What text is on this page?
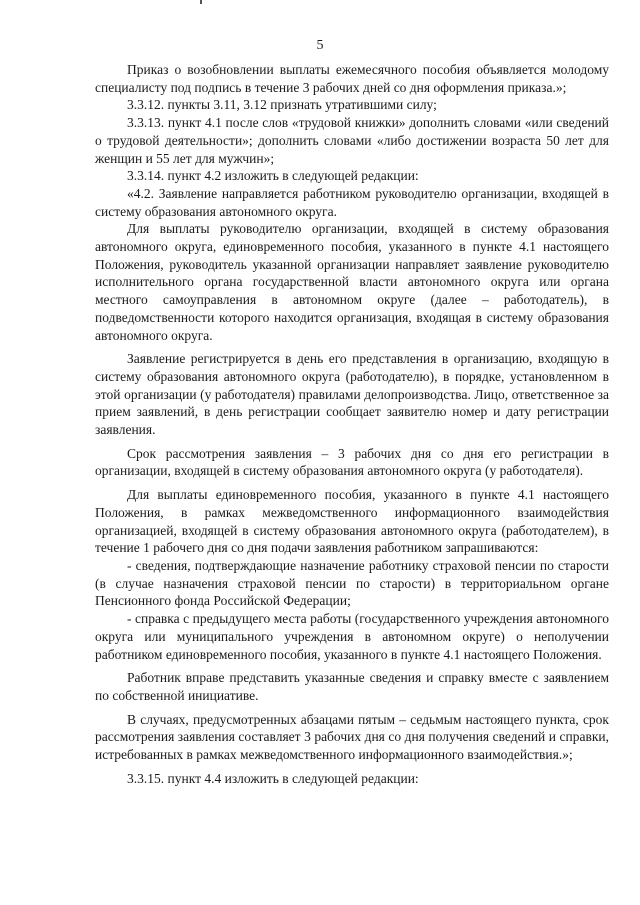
5

Приказ о возобновлении выплаты ежемесячного пособия объявляется молодому специалисту под подпись в течение 3 рабочих дней со дня оформления приказа.»;

3.3.12. пункты 3.11, 3.12 признать утратившими силу;

3.3.13. пункт 4.1 после слов «трудовой книжки» дополнить словами «или сведений о трудовой деятельности»; дополнить словами «либо достижении возраста 50 лет для женщин и 55 лет для мужчин»;

3.3.14. пункт 4.2 изложить в следующей редакции:

«4.2. Заявление направляется работником руководителю организации, входящей в систему образования автономного округа.

Для выплаты руководителю организации, входящей в систему образования автономного округа, единовременного пособия, указанного в пункте 4.1 настоящего Положения, руководитель указанной организации направляет заявление руководителю исполнительного органа государственной власти автономного округа или органа местного самоуправления в автономном округе (далее – работодатель), в подведомственности которого находится организация, входящая в систему образования автономного округа.

Заявление регистрируется в день его представления в организацию, входящую в систему образования автономного округа (работодателю), в порядке, установленном в этой организации (у работодателя) правилами делопроизводства. Лицо, ответственное за прием заявлений, в день регистрации сообщает заявителю номер и дату регистрации заявления.

Срок рассмотрения заявления – 3 рабочих дня со дня его регистрации в организации, входящей в систему образования автономного округа (у работодателя).

Для выплаты единовременного пособия, указанного в пункте 4.1 настоящего Положения, в рамках межведомственного информационного взаимодействия организацией, входящей в систему образования автономного округа (работодателем), в течение 1 рабочего дня со дня подачи заявления работником запрашиваются:

- сведения, подтверждающие назначение работнику страховой пенсии по старости (в случае назначения страховой пенсии по старости) в территориальном органе Пенсионного фонда Российской Федерации;

- справка с предыдущего места работы (государственного учреждения автономного округа или муниципального учреждения в автономном округе) о неполучении работником единовременного пособия, указанного в пункте 4.1 настоящего Положения.

Работник вправе представить указанные сведения и справку вместе с заявлением по собственной инициативе.

В случаях, предусмотренных абзацами пятым – седьмым настоящего пункта, срок рассмотрения заявления составляет 3 рабочих дня со дня получения сведений и справки, истребованных в рамках межведомственного информационного взаимодействия.»;

3.3.15. пункт 4.4 изложить в следующей редакции:
